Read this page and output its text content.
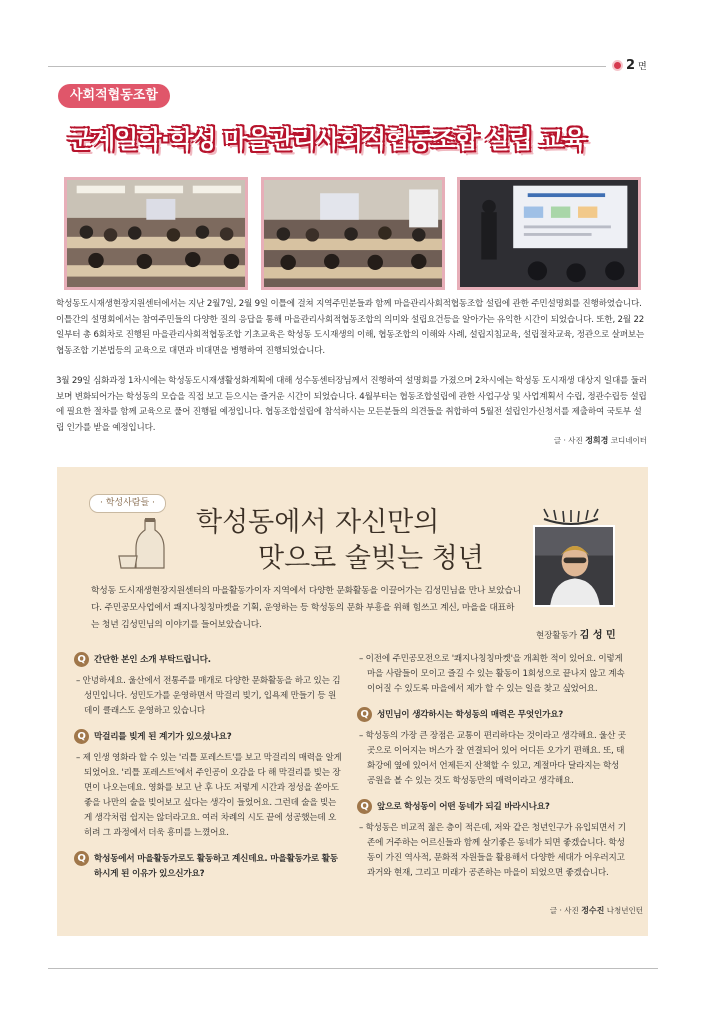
2 면
사회적협동조합
군계일학·학성 마을관리사회적협동조합 설립 교육
학성동도시재생현장지원센터에서는 지난 2월7일, 2월 9일 이틀에 걸쳐 지역주민분들과 함께 마을관리사회적협동조합 설립에 관한 주민설명회를 진행하였습니다. 이틀간의 설명회에서는 참여주민들의 다양한 질의 응답을 통해 마을관리사회적협동조합의 의미와 설립요건등을 알아가는 유익한 시간이 되었습니다. 또한, 2월 22일부터 총 6회차로 진행된 마을관리사회적협동조합 기초교육은 학성동 도시재생의 이해, 협동조합의 이해와 사례, 설립지침교육, 설립절차교육, 정관으로 살펴보는 협동조합 기본법등의 교육으로 대면과 비대면을 병행하여 진행되었습니다.
3월 29일 심화과정 1차시에는 학성동도시재생활성화계획에 대해 성수동센터장님께서 진행하여 설명회를 가졌으며 2차시에는 학성동 도시재생 대상지 일대를 둘러보며 변화되어가는 학성동의 모습을 직접 보고 듣으시는 즐거운 시간이 되었습니다. 4월부터는 협동조합설립에 관한 사업구상 및 사업계획서 수립, 정관수립등 설립에 필요한 절차를 함께 교육으로 풀어 진행될 예정입니다. 협동조합설립에 참석하시는 모든분들의 의견들을 취합하여 5월전 설립인가신청서를 제출하여 국토부 설립 인가를 받을 예정입니다.
글 · 사진 정희경 코디네이터
· 학성사람들 ·
학성동에서 자신만의
맛으로 술빚는 청년
현장활동가 김 성 민
학성동 도시재생현장지원센터의 마을활동가이자 지역에서 다양한 문화활동을 이끌어가는 김성민님을 만나 보았습니다. 주민공모사업에서 쾌지나칭칭마켓을 기획, 운영하는 등 학성동의 문화 부흥을 위해 힘쓰고 계신, 마을을 대표하는 청년 김성민님의 이야기를 들어보았습니다.
Q 간단한 본인 소개 부탁드립니다.
– 안녕하세요. 울산에서 전통주를 매개로 다양한 문화활동을 하고 있는 김성민입니다. 성민도가를 운영하면서 막걸리 빚기, 입욕제 만들기 등 원데이 클래스도 운영하고 있습니다
Q 막걸리를 빚게 된 계기가 있으셨나요?
– 제 인생 영화라 할 수 있는 '리틀 포레스트'를 보고 막걸리의 매력을 알게 되었어요. '리틀 포레스트'에서 주인공이 오감을 다 해 막걸리를 빚는 장면이 나오는데요. 영화를 보고 난 후 나도 저렇게 시간과 정성을 쏟아도 좋을 나만의 술을 빚어보고 싶다는 생각이 들었어요. 그런데 술을 빚는게 생각처럼 쉽지는 않더라고요. 여러 차례의 시도 끝에 성공했는데 오히려 그 과정에서 더욱 흥미를 느꼈어요.
Q 학성동에서 마을활동가로도 활동하고 계신데요. 마을활동가로 활동하시게 된 이유가 있으신가요?
– 이전에 주민공모전으로 '쾌지나칭칭마켓'을 개최한 적이 있어요. 이렇게 마을 사람들이 모이고 즐길 수 있는 활동이 1회성으로 끝나지 않고 계속 이어질 수 있도록 마을에서 제가 할 수 있는 일을 찾고 싶었어요.
Q 성민님이 생각하시는 학성동의 매력은 무엇인가요?
– 학성동의 가장 큰 장점은 교통이 편리하다는 것이라고 생각해요. 울산 곳곳으로 이어지는 버스가 잘 연결되어 있어 어디든 오가기 편해요. 또, 태화강에 옆에 있어서 언제든지 산책할 수 있고, 계절마다 달라지는 학성공원을 볼 수 있는 것도 학성동만의 매력이라고 생각해요.
Q 앞으로 학성동이 어떤 동네가 되길 바라시나요?
– 학성동은 비교적 젊은 층이 적은데, 저와 같은 청년인구가 유입되면서 기존에 거주하는 어르신들과 함께 살기좋은 동네가 되면 좋겠습니다. 학성동이 가진 역사적, 문화적 자원들을 활용해서 다양한 세대가 어우러지고 과거와 현재, 그리고 미래가 공존하는 마을이 되었으면 좋겠습니다.
글 · 사진 정수진 나청년인턴
